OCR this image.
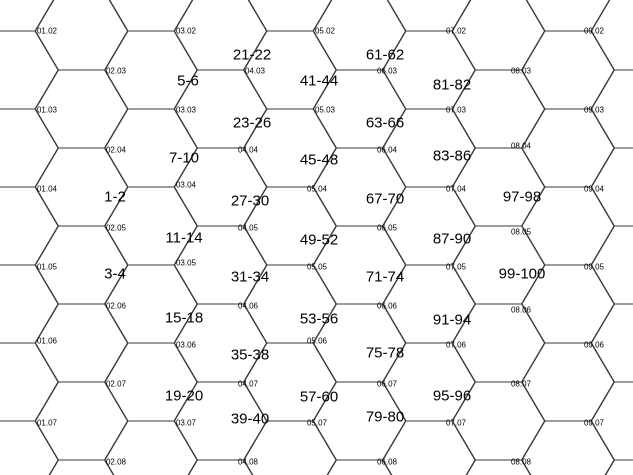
01.02	03.02	05.02	07.02	09.02
02.03	04.03	06.03	08.03
01.03	03.03	05.03	07.03	09.03
02.04	04.04	06.04	08.04
01.04	03.04	05.04	07.04	09.04
02.05	04.05	06.05	08.05
01.05	03.05	05.05	07.05	09.05
02.06	04.06	06.06	08.06
01.06	03.06	05.06	07.06	09.06
02.07	04.07	06.07	08.07
01.07	03.07	05.07	07.07	09.07
02.08	04.08	06.08	08.08
21-22	61-62
5-6	41-44	81-82
23-26	63-66
7-10	45-48	83-86
1-2	27-30	67-70	97-98
11-14	49-52	87-90
3-4	31-34	71-74	99-100
15-18	53-56	91-94
35-38	75-78
19-20	57-60	95-96
39-40	79-80
